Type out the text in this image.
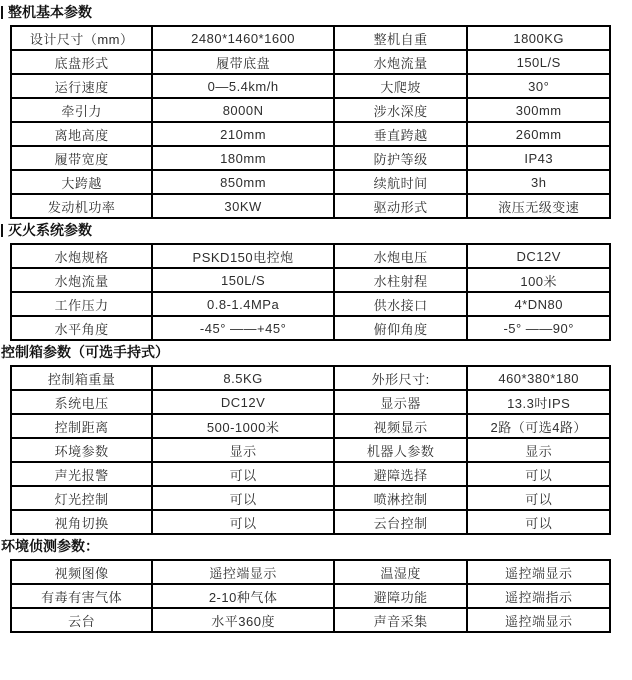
整机基本参数
设计尺寸（mm）	2480*1460*1600	整机自重	1800KG
底盘形式	履带底盘	水炮流量	150L/S
运行速度	0—5.4km/h	大爬坡	30°
牵引力	8000N	涉水深度	300mm
离地高度	210mm	垂直跨越	260mm
履带宽度	180mm	防护等级	IP43
大跨越	850mm	续航时间	3h
发动机功率	30KW	驱动形式	液压无级变速
灭火系统参数
水炮规格	PSKD150电控炮	水炮电压	DC12V
水炮流量	150L/S	水柱射程	100米
工作压力	0.8-1.4MPa	供水接口	4*DN80
水平角度	-45° ——+45°	俯仰角度	-5° ——90°
控制箱参数（可选手持式）
控制箱重量	8.5KG	外形尺寸:	460*380*180
系统电压	DC12V	显示器	13.3吋IPS
控制距离	500-1000米	视频显示	2路（可选4路）
环境参数	显示	机器人参数	显示
声光报警	可以	避障选择	可以
灯光控制	可以	喷淋控制	可以
视角切换	可以	云台控制	可以
环境侦测参数：
视频图像	遥控端显示	温湿度	遥控端显示
有毒有害气体	2-10种气体	避障功能	遥控端指示
云台	水平360度	声音采集	遥控端显示
